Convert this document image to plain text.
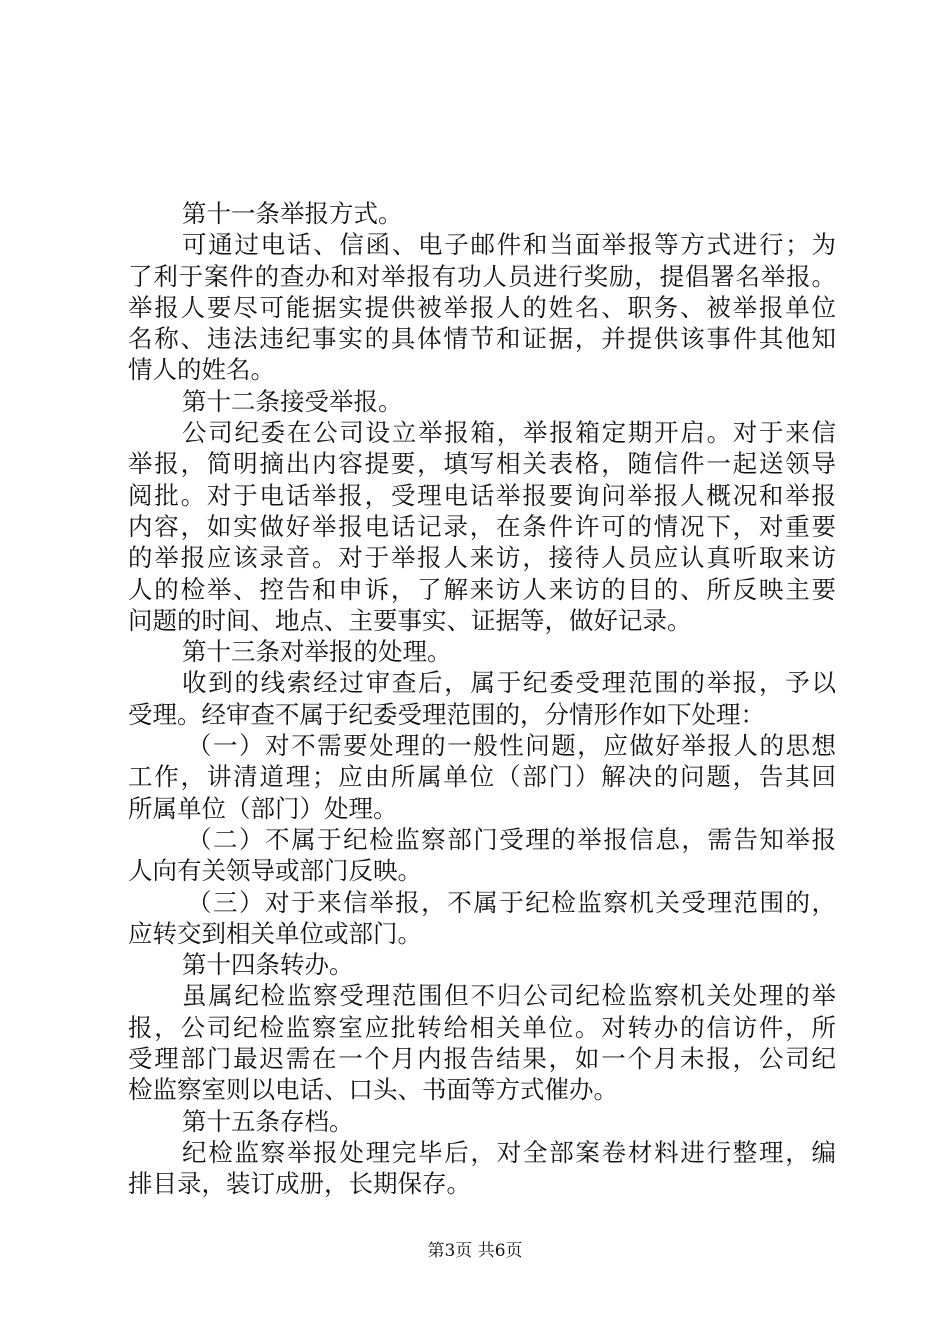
第十一条举报方式。
可通过电话、信函、电子邮件和当面举报等方式进行；为
了利于案件的查办和对举报有功人员进行奖励，提倡署名举报。
举报人要尽可能据实提供被举报人的姓名、职务、被举报单位
名称、违法违纪事实的具体情节和证据，并提供该事件其他知
情人的姓名。
第十二条接受举报。
公司纪委在公司设立举报箱，举报箱定期开启。对于来信
举报，简明摘出内容提要，填写相关表格，随信件一起送领导
阅批。对于电话举报，受理电话举报要询问举报人概况和举报
内容，如实做好举报电话记录，在条件许可的情况下，对重要
的举报应该录音。对于举报人来访，接待人员应认真听取来访
人的检举、控告和申诉，了解来访人来访的目的、所反映主要
问题的时间、地点、主要事实、证据等，做好记录。
第十三条对举报的处理。
收到的线索经过审查后，属于纪委受理范围的举报，予以
受理。经审查不属于纪委受理范围的，分情形作如下处理：
（一）对不需要处理的一般性问题，应做好举报人的思想
工作，讲清道理；应由所属单位（部门）解决的问题，告其回
所属单位（部门）处理。
（二）不属于纪检监察部门受理的举报信息，需告知举报
人向有关领导或部门反映。
（三）对于来信举报，不属于纪检监察机关受理范围的，
应转交到相关单位或部门。
第十四条转办。
虽属纪检监察受理范围但不归公司纪检监察机关处理的举
报，公司纪检监察室应批转给相关单位。对转办的信访件，所
受理部门最迟需在一个月内报告结果，如一个月未报，公司纪
检监察室则以电话、口头、书面等方式催办。
第十五条存档。
纪检监察举报处理完毕后，对全部案卷材料进行整理，编
排目录，装订成册，长期保存。
第3页 共6页
